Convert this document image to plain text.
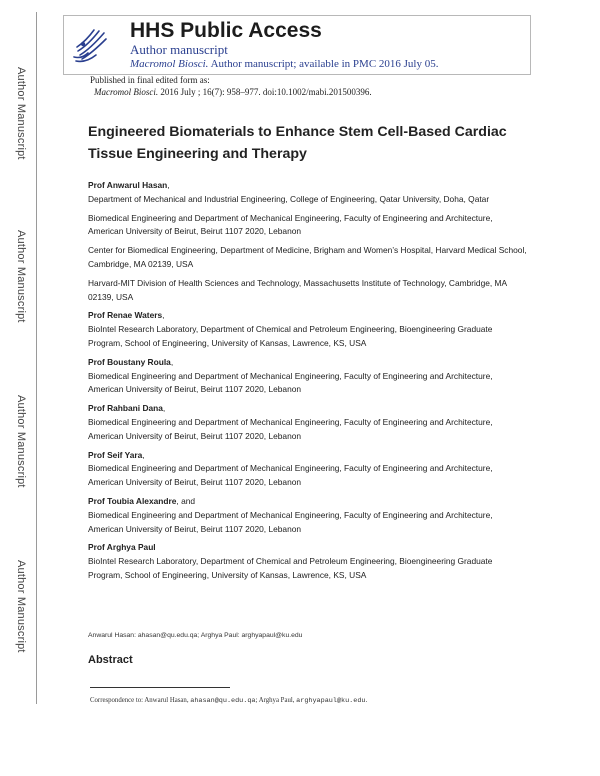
Author Manuscript
Author Manuscript
Author Manuscript
Author Manuscript
HHS Public Access
Author manuscript
Macromol Biosci. Author manuscript; available in PMC 2016 July 05.
Published in final edited form as:
Macromol Biosci. 2016 July ; 16(7): 958–977. doi:10.1002/mabi.201500396.
Engineered Biomaterials to Enhance Stem Cell-Based Cardiac Tissue Engineering and Therapy
Prof Anwarul Hasan,
Department of Mechanical and Industrial Engineering, College of Engineering, Qatar University, Doha, Qatar
Biomedical Engineering and Department of Mechanical Engineering, Faculty of Engineering and Architecture, American University of Beirut, Beirut 1107 2020, Lebanon
Center for Biomedical Engineering, Department of Medicine, Brigham and Women’s Hospital, Harvard Medical School, Cambridge, MA 02139, USA
Harvard-MIT Division of Health Sciences and Technology, Massachusetts Institute of Technology, Cambridge, MA 02139, USA
Prof Renae Waters,
BioIntel Research Laboratory, Department of Chemical and Petroleum Engineering, Bioengineering Graduate Program, School of Engineering, University of Kansas, Lawrence, KS, USA
Prof Boustany Roula,
Biomedical Engineering and Department of Mechanical Engineering, Faculty of Engineering and Architecture, American University of Beirut, Beirut 1107 2020, Lebanon
Prof Rahbani Dana,
Biomedical Engineering and Department of Mechanical Engineering, Faculty of Engineering and Architecture, American University of Beirut, Beirut 1107 2020, Lebanon
Prof Seif Yara,
Biomedical Engineering and Department of Mechanical Engineering, Faculty of Engineering and Architecture, American University of Beirut, Beirut 1107 2020, Lebanon
Prof Toubia Alexandre, and
Biomedical Engineering and Department of Mechanical Engineering, Faculty of Engineering and Architecture, American University of Beirut, Beirut 1107 2020, Lebanon
Prof Arghya Paul
BioIntel Research Laboratory, Department of Chemical and Petroleum Engineering, Bioengineering Graduate Program, School of Engineering, University of Kansas, Lawrence, KS, USA
Anwarul Hasan: ahasan@qu.edu.qa; Arghya Paul: arghyapaul@ku.edu
Abstract
Correspondence to: Anwarul Hasan, ahasan@qu.edu.qa; Arghya Paul, arghyapaul@ku.edu.
